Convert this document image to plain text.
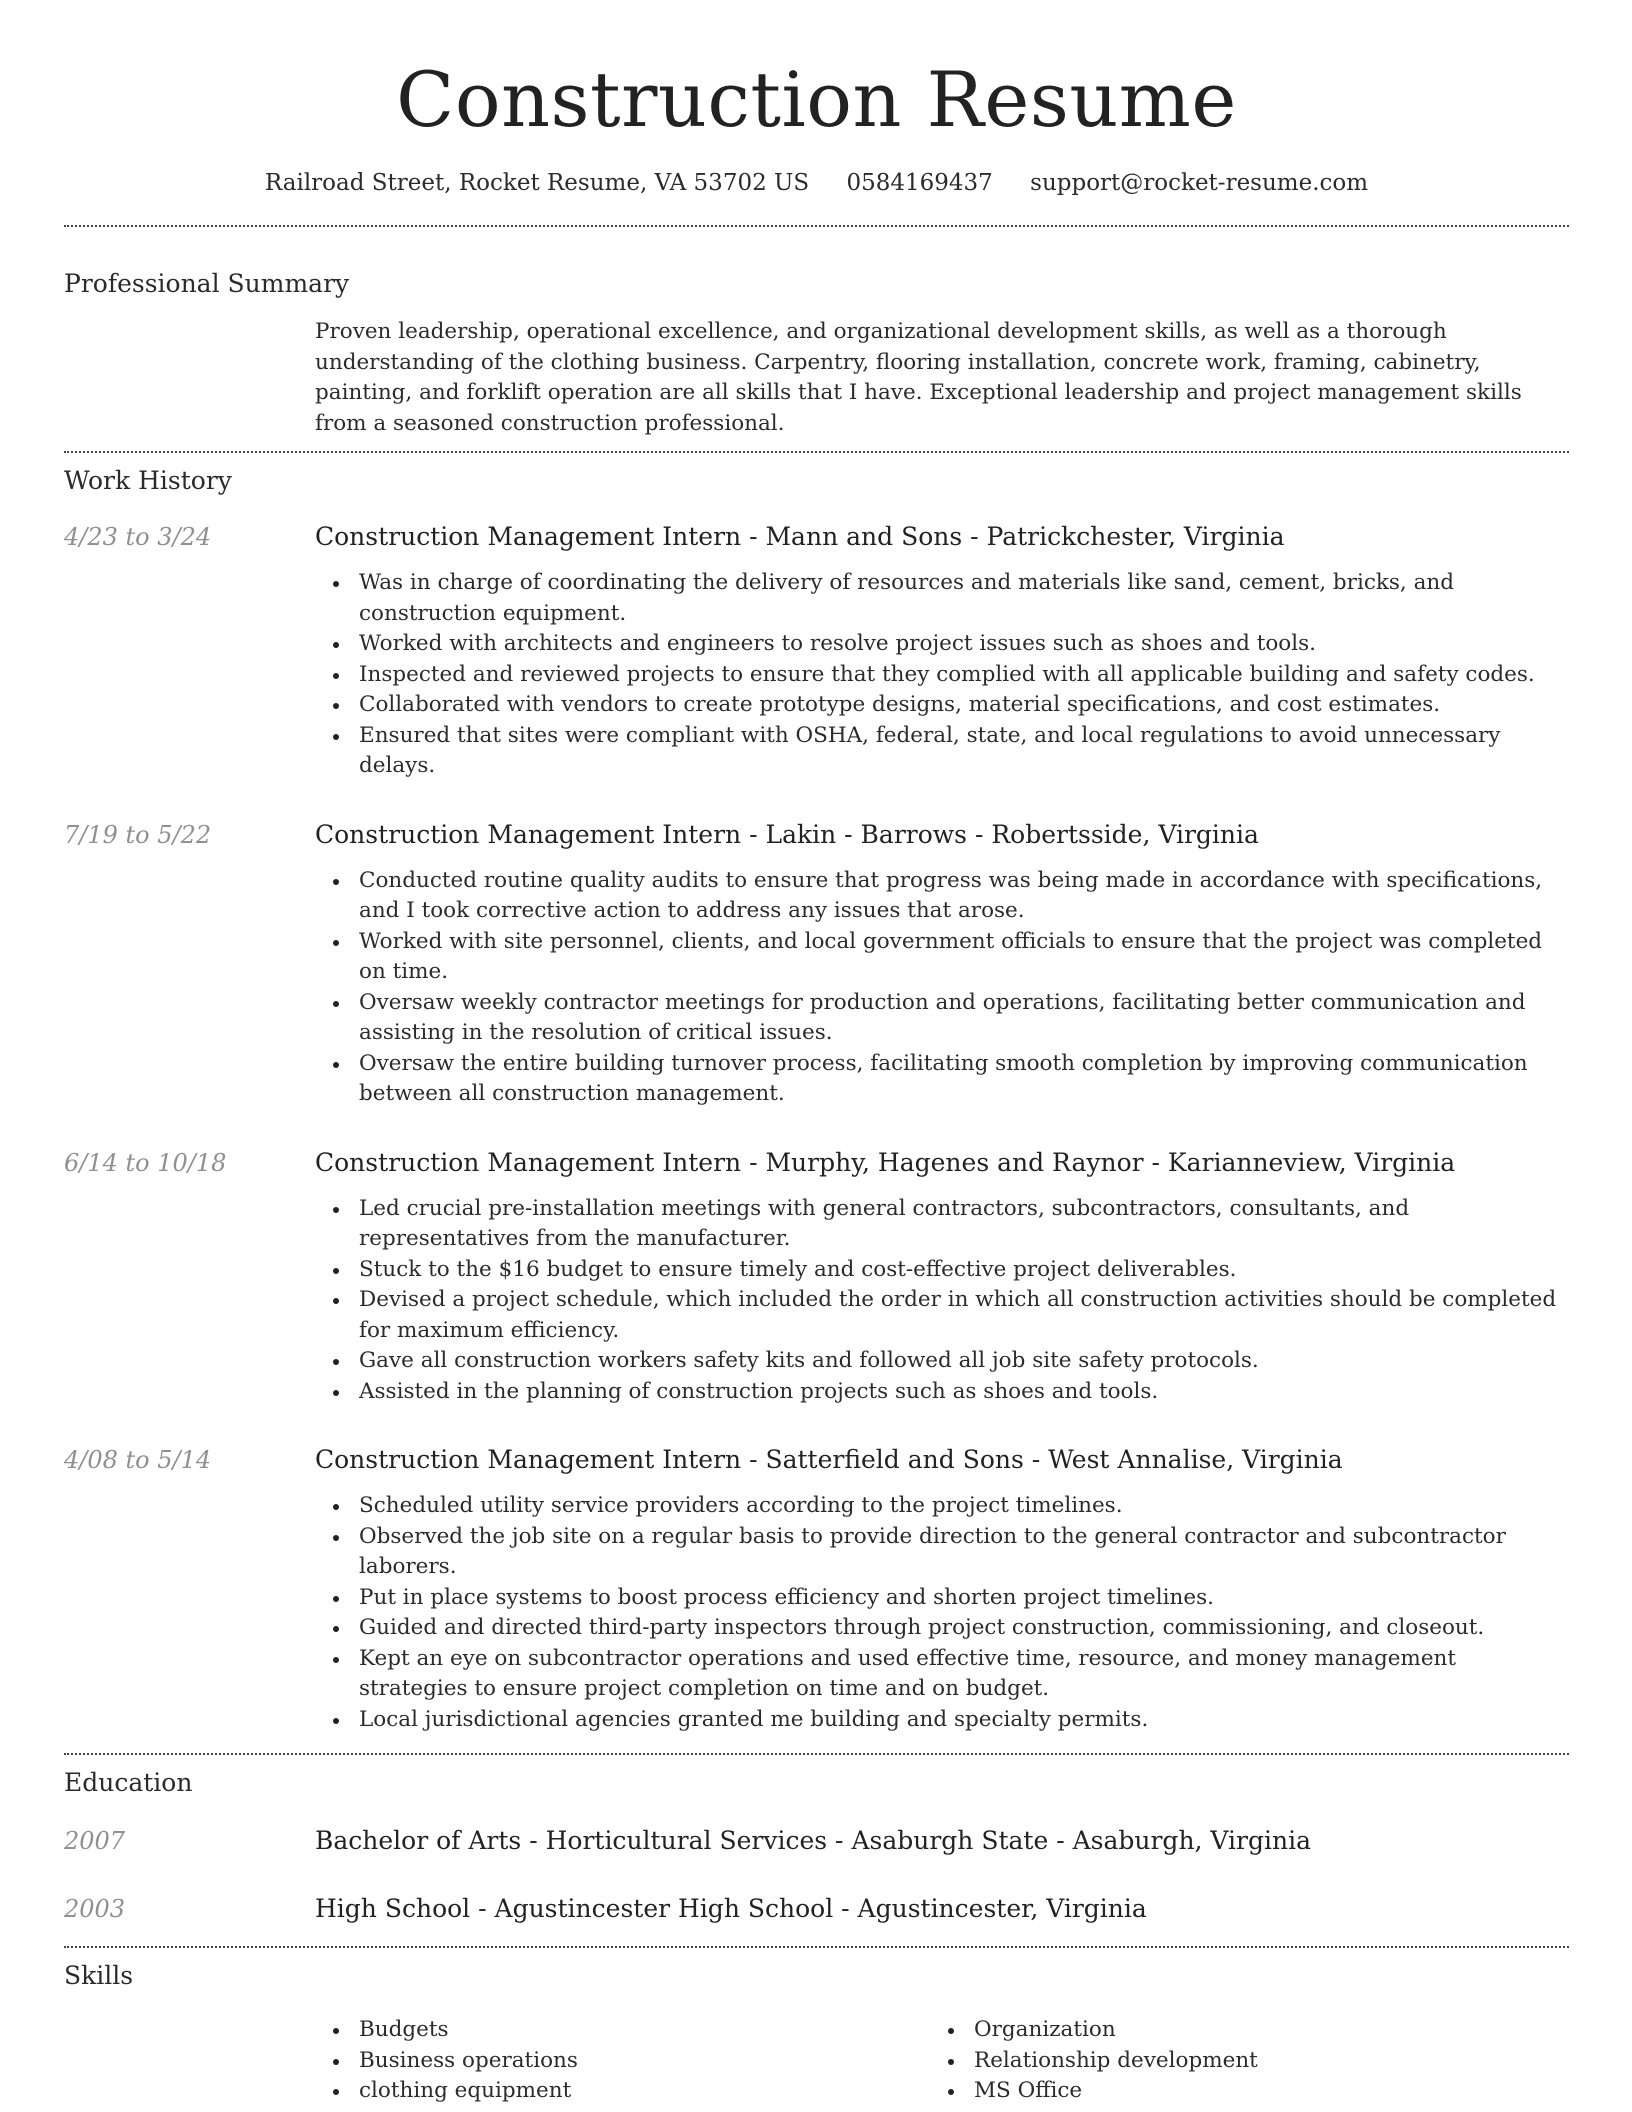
Construction Resume
Railroad Street, Rocket Resume, VA 53702 US 0584169437 support@rocket-resume.com
Professional Summary

Proven leadership, operational excellence, and organizational development skills, as well as a thorough understanding of the clothing business. Carpentry, flooring installation, concrete work, framing, cabinetry, painting, and forklift operation are all skills that I have. Exceptional leadership and project management skills from a seasoned construction professional.

Work History
4/23 to 3/24	Construction Management Intern - Mann and Sons - Patrickchester, Virginia
Was in charge of coordinating the delivery of resources and materials like sand, cement, bricks, and construction equipment.
Worked with architects and engineers to resolve project issues such as shoes and tools.
Inspected and reviewed projects to ensure that they complied with all applicable building and safety codes.
Collaborated with vendors to create prototype designs, material specifications, and cost estimates.
Ensured that sites were compliant with OSHA, federal, state, and local regulations to avoid unnecessary delays.
7/19 to 5/22	Construction Management Intern - Lakin - Barrows - Robertsside, Virginia
Conducted routine quality audits to ensure that progress was being made in accordance with specifications, and I took corrective action to address any issues that arose.
Worked with site personnel, clients, and local government officials to ensure that the project was completed on time.
Oversaw weekly contractor meetings for production and operations, facilitating better communication and assisting in the resolution of critical issues.
Oversaw the entire building turnover process, facilitating smooth completion by improving communication between all construction management.
6/14 to 10/18	Construction Management Intern - Murphy, Hagenes and Raynor - Karianneview, Virginia
Led crucial pre-installation meetings with general contractors, subcontractors, consultants, and representatives from the manufacturer.
Stuck to the $16 budget to ensure timely and cost-effective project deliverables.
Devised a project schedule, which included the order in which all construction activities should be completed for maximum efficiency.
Gave all construction workers safety kits and followed all job site safety protocols.
Assisted in the planning of construction projects such as shoes and tools.
4/08 to 5/14	Construction Management Intern - Satterfield and Sons - West Annalise, Virginia
Scheduled utility service providers according to the project timelines.
Observed the job site on a regular basis to provide direction to the general contractor and subcontractor laborers.
Put in place systems to boost process efficiency and shorten project timelines.
Guided and directed third-party inspectors through project construction, commissioning, and closeout.
Kept an eye on subcontractor operations and used effective time, resource, and money management strategies to ensure project completion on time and on budget.
Local jurisdictional agencies granted me building and specialty permits.
Education
2007	Bachelor of Arts - Horticultural Services - Asaburgh State - Asaburgh, Virginia
2003	High School - Agustincester High School - Agustincester, Virginia
Skills
Budgets
Business operations
clothing equipment
Organization
Relationship development
MS Office
